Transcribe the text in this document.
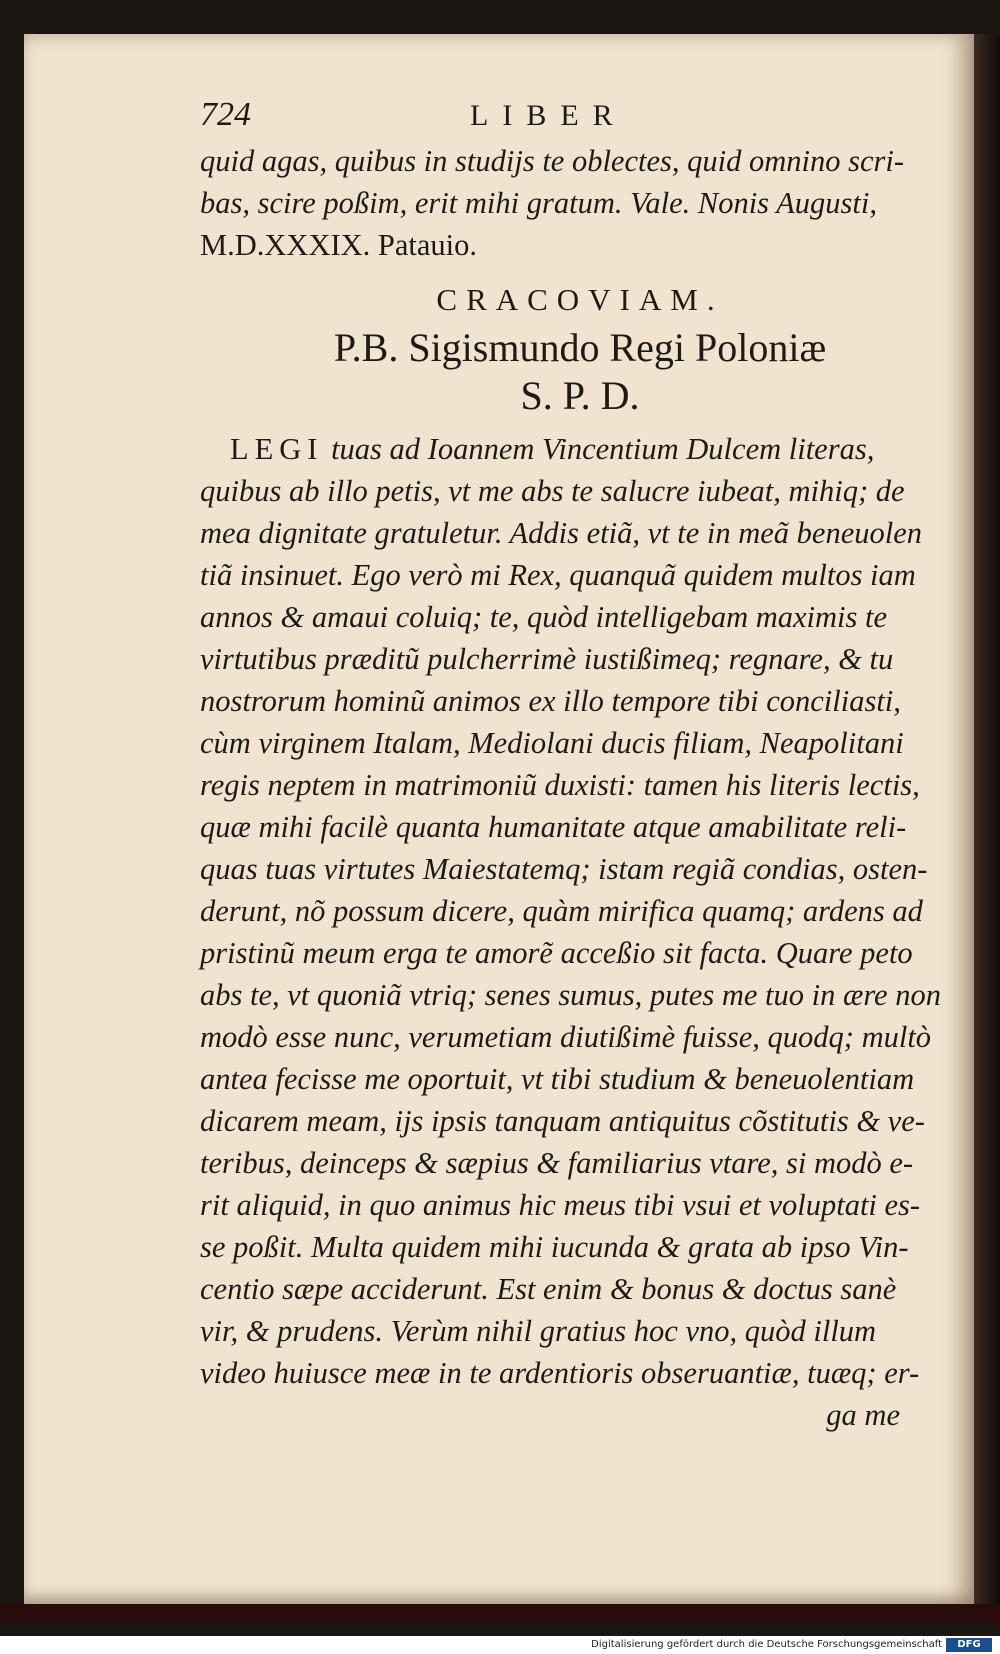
724	LIBER
quid agas, quibus in studijs te oblectes, quid omnino scri-
bas, scire poßim, erit mihi gratum. Vale. Nonis Augusti,
M.D.XXXIX. Patauio.
CRACOVIAM.
P.B. Sigismundo Regi Poloniæ
S. P. D.
LEGI tuas ad Ioannem Vincentium Dulcem literas,
quibus ab illo petis, vt me abs te salucre iubeat, mihiq; de
mea dignitate gratuletur. Addis etiã, vt te in meã beneuolen
tiã insinuet. Ego verò mi Rex, quanquã quidem multos iam
annos & amaui coluiq; te, quòd intelligebam maximis te
virtutibus præditũ pulcherrimè iustißimeq; regnare, & tu
nostrorum hominũ animos ex illo tempore tibi conciliasti,
cùm virginem Italam, Mediolani ducis filiam, Neapolitani
regis neptem in matrimoniũ duxisti: tamen his literis lectis,
quæ mihi facilè quanta humanitate atque amabilitate reli-
quas tuas virtutes Maiestatemq; istam regiã condias, osten-
derunt, nõ possum dicere, quàm mirifica quamq; ardens ad
pristinũ meum erga te amorẽ acceßio sit facta. Quare peto
abs te, vt quoniã vtriq; senes sumus, putes me tuo in ære non
modò esse nunc, verumetiam diutißimè fuisse, quodq; multò
antea fecisse me oportuit, vt tibi studium & beneuolentiam
dicarem meam, ijs ipsis tanquam antiquitus cõstitutis & ve-
teribus, deinceps & sæpius & familiarius vtare, si modò e-
rit aliquid, in quo animus hic meus tibi vsui et voluptati es-
se poßit. Multa quidem mihi iucunda & grata ab ipso Vin-
centio sæpe acciderunt. Est enim & bonus & doctus sanè
vir, & prudens. Verùm nihil gratius hoc vno, quòd illum
video huiusce meæ in te ardentioris obseruantiæ, tuæq; er-
ga me
Digitalisierung gefördert durch die Deutsche Forschungsgemeinschaft	DFG
